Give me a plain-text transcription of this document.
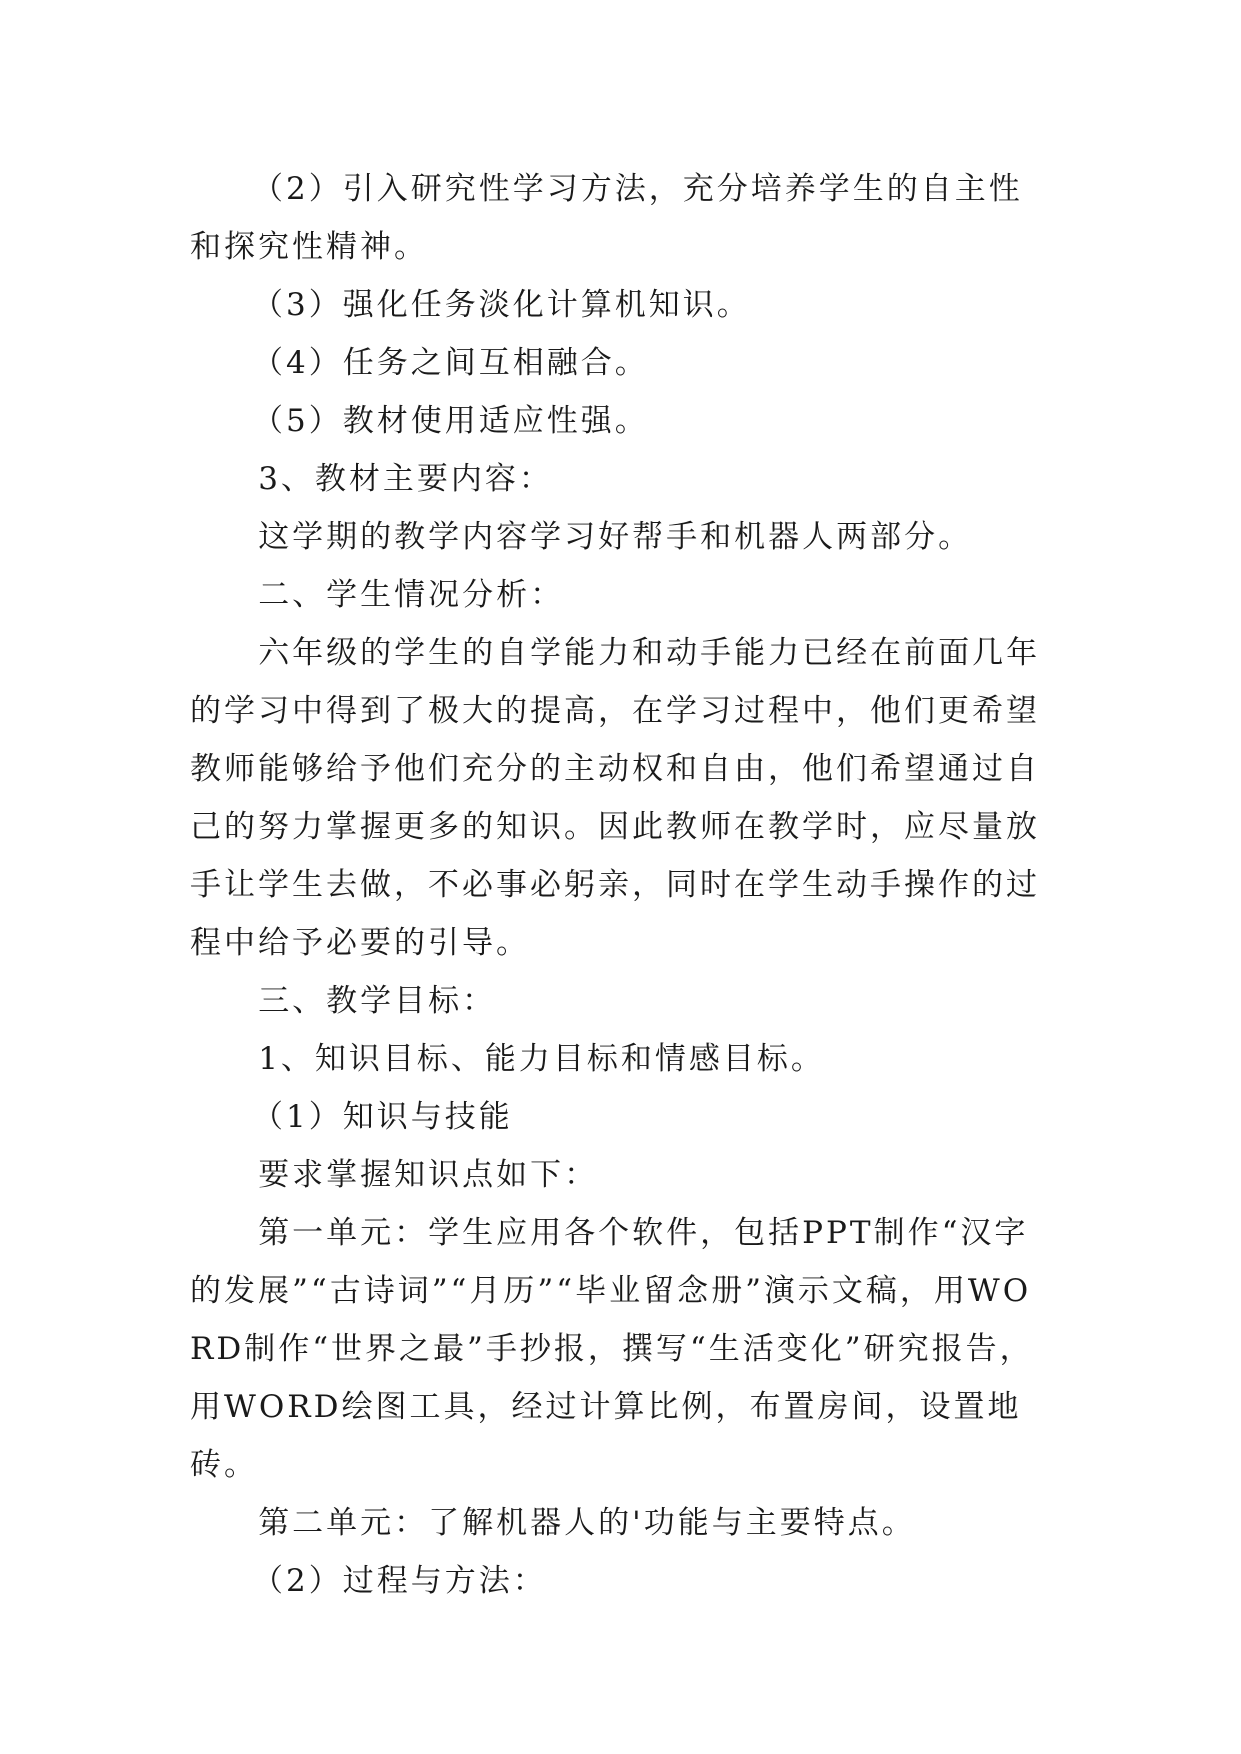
（2）引入研究性学习方法，充分培养学生的自主性和探究性精神。

（3）强化任务淡化计算机知识。

（4）任务之间互相融合。

（5）教材使用适应性强。

3、教材主要内容：

这学期的教学内容学习好帮手和机器人两部分。

二、学生情况分析：

六年级的学生的自学能力和动手能力已经在前面几年的学习中得到了极大的提高，在学习过程中，他们更希望教师能够给予他们充分的主动权和自由，他们希望通过自己的努力掌握更多的知识。因此教师在教学时，应尽量放手让学生去做，不必事必躬亲，同时在学生动手操作的过程中给予必要的引导。

三、教学目标：

1、知识目标、能力目标和情感目标。

（1）知识与技能

要求掌握知识点如下：

第一单元：学生应用各个软件，包括PPT制作“汉字的发展”“古诗词”“月历”“毕业留念册”演示文稿，用WORD制作“世界之最”手抄报，撰写“生活变化”研究报告，用WORD绘图工具，经过计算比例，布置房间，设置地砖。

第二单元：了解机器人的'功能与主要特点。

（2）过程与方法：
